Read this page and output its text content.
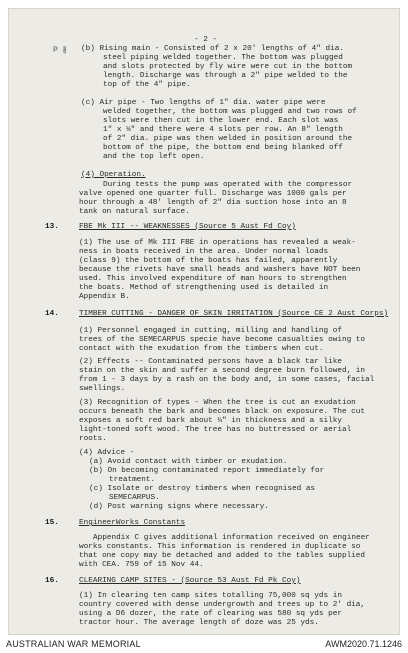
- 2 -
P ∦ (b) Rising main - Consisted of 2 x 20' lengths of 4" dia.
steel piping welded together. The bottom was plugged
and slots protected by fly wire were cut in the bottom
length. Discharge was through a 2" pipe welded to the
top of the 4" pipe.
(c) Air pipe - Two lengths of 1" dia. water pipe were
welded together, the bottom was plugged and two rows of
slots were then cut in the lower end. Each slot was
1" x ¼" and there were 4 slots per row. An 8" length
of 2" dia. pipe was then welded in position around the
bottom of the pipe, the bottom end being blanked off
and the top left open.
(4) Operation.
During tests the pump was operated with the compressor
valve opened one quarter full. Discharge was 1000 gals per
hour through a 48' length of 2" dia suction hose into an 8
tank on natural surface.
13.	FBE Mk III -- WEAKNESSES (Source 5 Aust Fd Coy)
(1) The use of Mk III FBE in operations has revealed a weak-
ness in boats received in the area. Under normal loads
(class 9) the bottom of the boats has failed, apparently
because the rivets have small heads and washers have NOT been
used. This involved expenditure of man hours to strengthen
the boats. Method of strengthening used is detailed in
Appendix B.
14.	TIMBER CUTTING - DANGER OF SKIN IRRITATION (Source CE 2 Aust Corps)
(1) Personnel engaged in cutting, milling and handling of
trees of the SEMECARPUS specie have become casualties owing to
contact with the exudation from the timbers when cut.
(2) Effects -- Contaminated persons have a black tar like
stain on the skin and suffer a second degree burn followed, in
from 1 - 3 days by a rash on the body and, in some cases, facial
swellings.
(3) Recognition of types - When the tree is cut an exudation
occurs beneath the bark and becomes black on exposure. The cut
exposes a soft red bark about ¼" in thickness and a silky
light-toned soft wood. The tree has no buttressed or aerial
roots.
(4) Advice -
(a) Avoid contact with timber or exudation.
(b) On becoming contaminated report immediately for
treatment.
(c) Isolate or destroy timbers when recognised as
SEMECARPUS.
(d) Post warning signs where necessary.
15.	EngineerWorks Constants
Appendix C gives additional information received on engineer
works constants. This information is rendered in duplicate so
that one copy may be detached and added to the tables supplied
with CEA. 759 of 15 Nov 44.
16.	CLEARING CAMP SITES - (Source 53 Aust Fd Pk Coy)
(1) In clearing ten camp sites totalling 75,000 sq yds in
country covered with dense undergrowth and trees up to 2' dia,
using a D6 dozer, the rate of clearing was 580 sq yds per
tractor hour. The average length of doze was 25 yds.
AUSTRALIAN WAR MEMORIAL	AWM2020.71.1246
